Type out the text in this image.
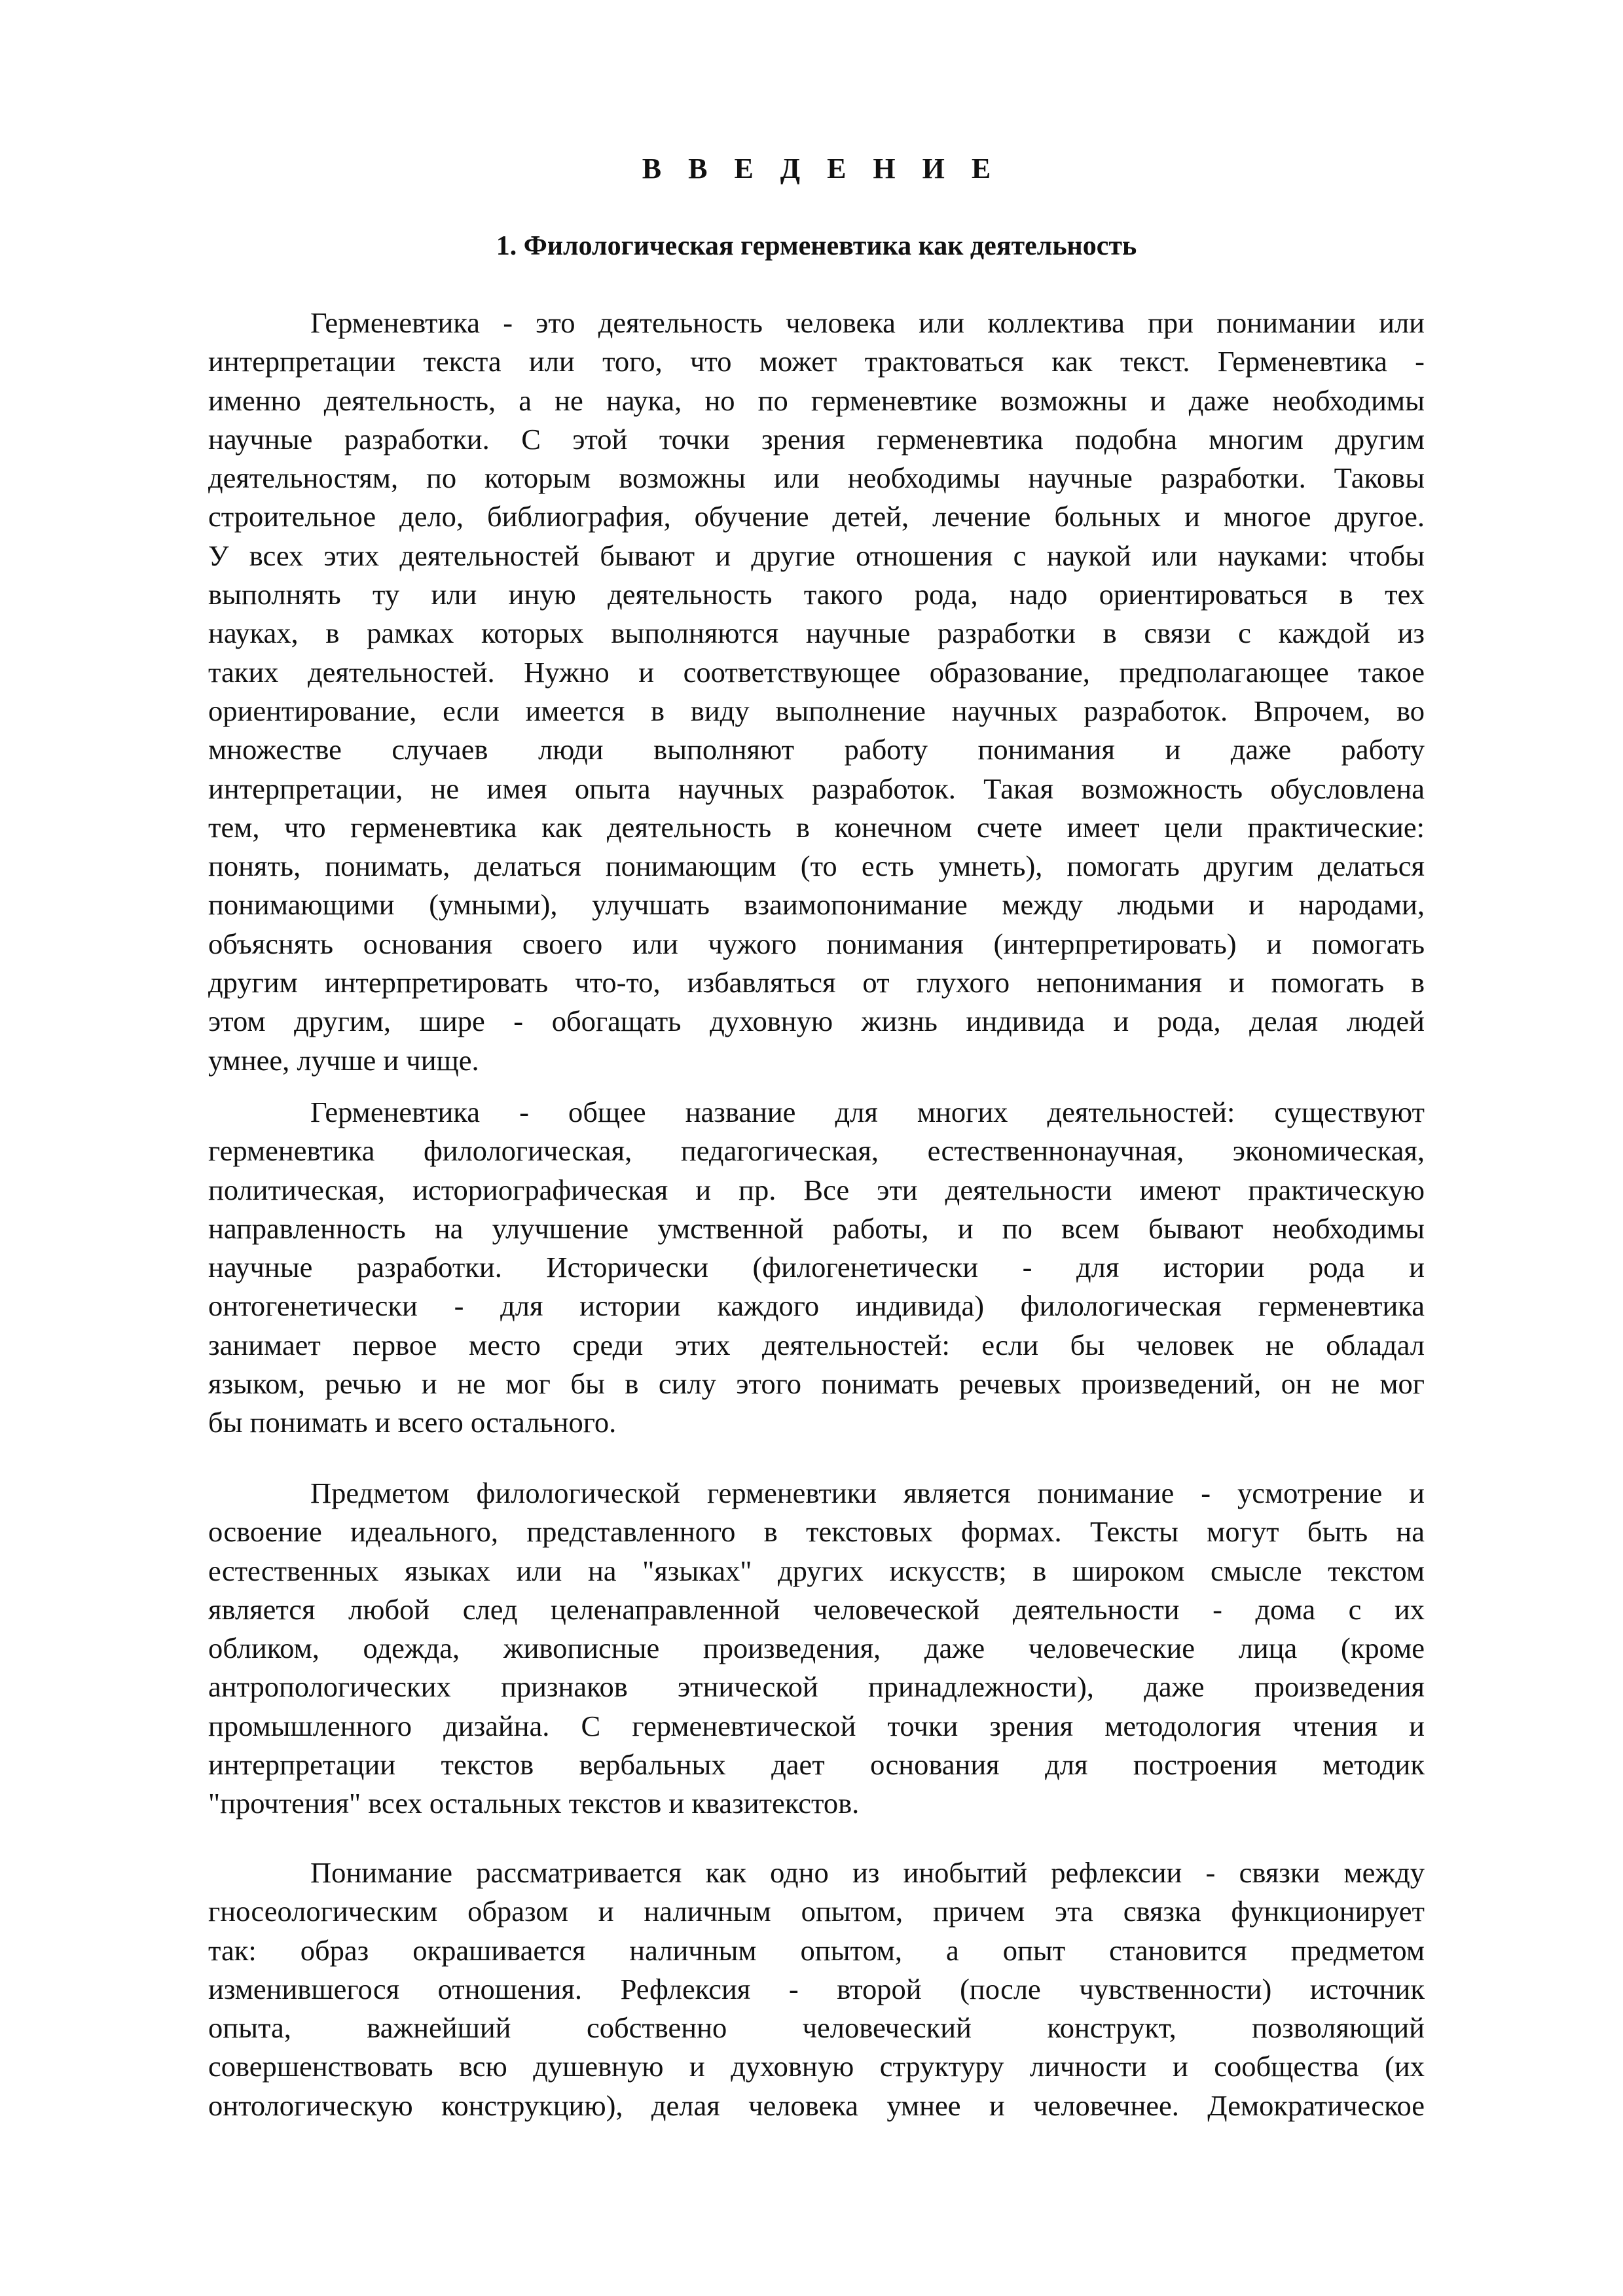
В В Е Д Е Н И Е
1. Филологическая герменевтика как деятельность
Герменевтика - это деятельность человека или коллектива при понимании или
интерпретации текста или того, что может трактоваться как текст. Герменевтика -
именно деятельность, а не наука, но по герменевтике возможны и даже необходимы
научные разработки. С этой точки зрения герменевтика подобна многим другим
деятельностям, по которым возможны или необходимы научные разработки. Таковы
строительное дело, библиография, обучение детей, лечение больных и многое другое.
У всех этих деятельностей бывают и другие отношения с наукой или науками: чтобы
выполнять ту или иную деятельность такого рода, надо ориентироваться в тех
науках, в рамках которых выполняются научные разработки в связи с каждой из
таких деятельностей. Нужно и соответствующее образование, предполагающее такое
ориентирование, если имеется в виду выполнение научных разработок. Впрочем, во
множестве случаев люди выполняют работу понимания и даже работу
интерпретации, не имея опыта научных разработок. Такая возможность обусловлена
тем, что герменевтика как деятельность в конечном счете имеет цели практические:
понять, понимать, делаться понимающим (то есть умнеть), помогать другим делаться
понимающими (умными), улучшать взаимопонимание между людьми и народами,
объяснять основания своего или чужого понимания (интерпретировать) и помогать
другим интерпретировать что-то, избавляться от глухого непонимания и помогать в
этом другим, шире - обогащать духовную жизнь индивида и рода, делая людей
умнее, лучше и чище.
Герменевтика - общее название для многих деятельностей: существуют
герменевтика филологическая, педагогическая, естественнонаучная, экономическая,
политическая, историографическая и пр. Все эти деятельности имеют практическую
направленность на улучшение умственной работы, и по всем бывают необходимы
научные разработки. Исторически (филогенетически - для истории рода и
онтогенетически - для истории каждого индивида) филологическая герменевтика
занимает первое место среди этих деятельностей: если бы человек не обладал
языком, речью и не мог бы в силу этого понимать речевых произведений, он не мог
бы понимать и всего остального.
Предметом филологической герменевтики является понимание - усмотрение и
освоение идеального, представленного в текстовых формах. Тексты могут быть на
естественных языках или на "языках" других искусств; в широком смысле текстом
является любой след целенаправленной человеческой деятельности - дома с их
обликом, одежда, живописные произведения, даже человеческие лица (кроме
антропологических признаков этнической принадлежности), даже произведения
промышленного дизайна. С герменевтической точки зрения методология чтения и
интерпретации текстов вербальных дает основания для построения методик
"прочтения" всех остальных текстов и квазитекстов.
Понимание рассматривается как одно из инобытий рефлексии - связки между
гносеологическим образом и наличным опытом, причем эта связка функционирует
так: образ окрашивается наличным опытом, а опыт становится предметом
изменившегося отношения. Рефлексия - второй (после чувственности) источник
опыта, важнейший собственно человеческий конструкт, позволяющий
совершенствовать всю душевную и духовную структуру личности и сообщества (их
онтологическую конструкцию), делая человека умнее и человечнее. Демократическое
